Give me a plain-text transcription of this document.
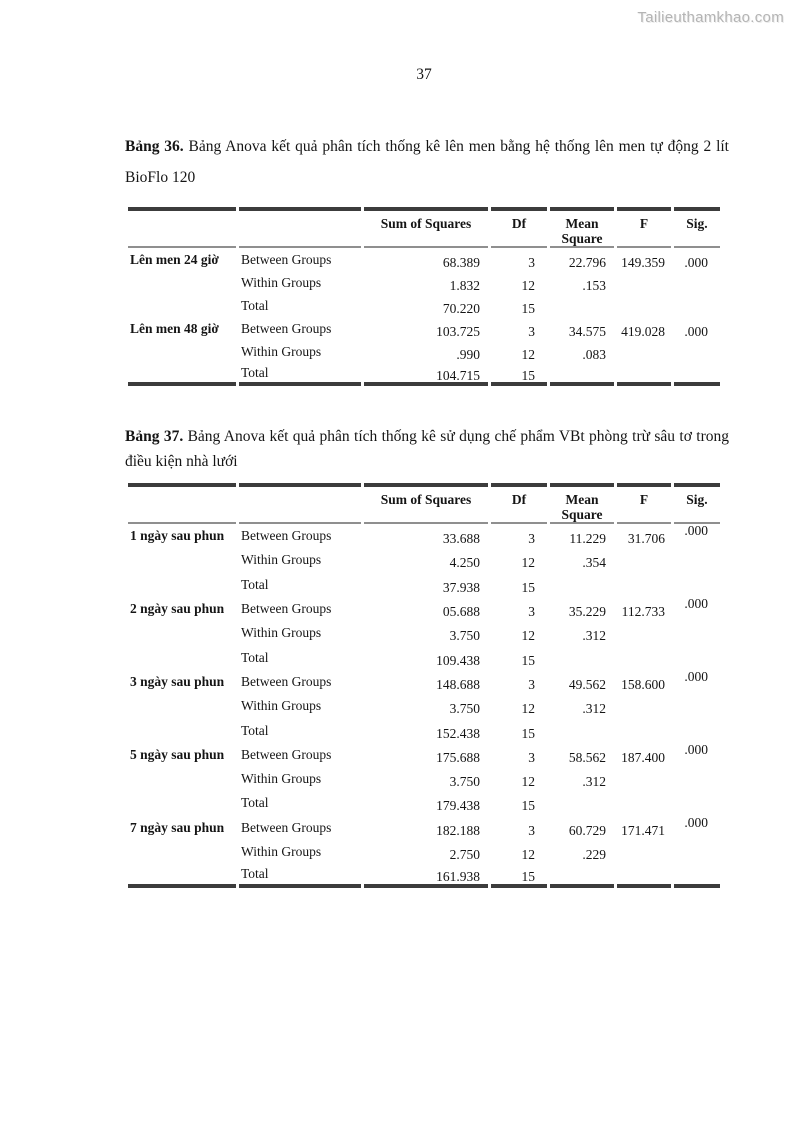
Tailieuthamkhao.com
37

Bảng 36. Bảng Anova kết quả phân tích thống kê lên men bằng hệ thống lên men tự động 2 lít BioFlo 120

		Sum of Squares	Df	Mean Square	F	Sig.
Lên men 24 giờ	Between Groups	68.389	3	22.796	149.359	.000
	Within Groups	1.832	12	.153		
	Total	70.220	15			
Lên men 48 giờ	Between Groups	103.725	3	34.575	419.028	.000
	Within Groups	.990	12	.083		
	Total	104.715	15			

Bảng 37. Bảng Anova kết quả phân tích thống kê sử dụng chế phẩm VBt phòng trừ sâu tơ trong điều kiện nhà lưới

		Sum of Squares	Df	Mean Square	F	Sig.
1 ngày sau phun	Between Groups	33.688	3	11.229	31.706	.000
	Within Groups	4.250	12	.354		
	Total	37.938	15			
2 ngày sau phun	Between Groups	05.688	3	35.229	112.733	.000
	Within Groups	3.750	12	.312		
	Total	109.438	15			
3 ngày sau phun	Between Groups	148.688	3	49.562	158.600	.000
	Within Groups	3.750	12	.312		
	Total	152.438	15			
5 ngày sau phun	Between Groups	175.688	3	58.562	187.400	.000
	Within Groups	3.750	12	.312		
	Total	179.438	15			
7 ngày sau phun	Between Groups	182.188	3	60.729	171.471	.000
	Within Groups	2.750	12	.229		
	Total	161.938	15			
